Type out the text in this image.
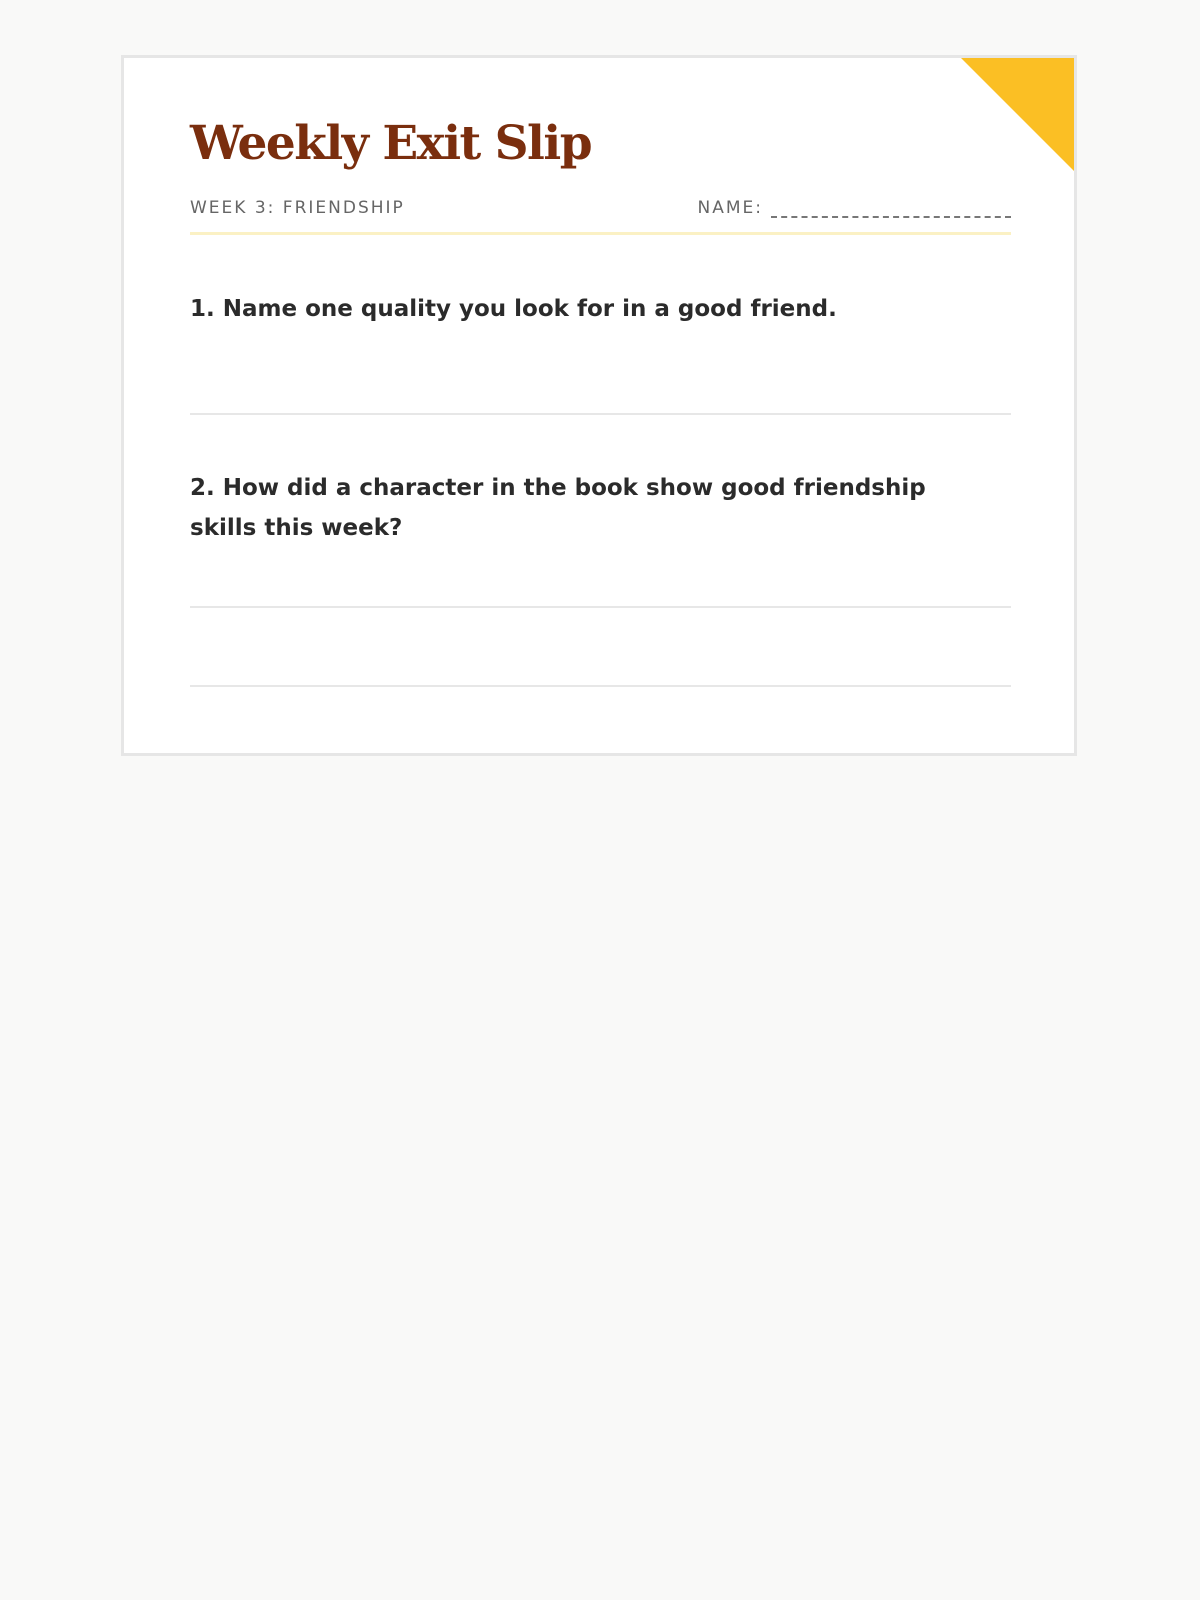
Weekly Exit Slip
WEEK 3: FRIENDSHIP	NAME:

1. Name one quality you look for in a good friend.

2. How did a character in the book show good friendship skills this week?
